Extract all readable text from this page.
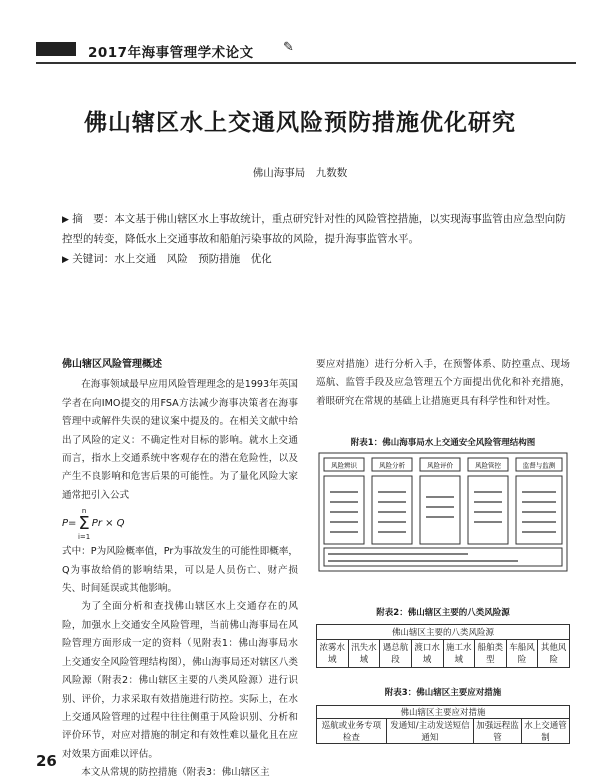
2017年海事管理学术论文 ✎
佛山辖区水上交通风险预防措施优化研究
佛山海事局　九数数
▶ 摘　要：本文基于佛山辖区水上事故统计，重点研究针对性的风险管控措施，以实现海事监管由应急型向防控型的转变，降低水上交通事故和船舶污染事故的风险，提升海事监管水平。
▶ 关键词：水上交通　风险　预防措施　优化
佛山辖区风险管理概述

在海事领域最早应用风险管理理念的是1993年英国学者在向IMO提交的用FSA方法减少海事决策者在海事管理中或解件失误的建议案中提及的。在相关文献中给出了风险的定义：不确定性对目标的影响。就水上交通而言，指水上交通系统中客观存在的潜在危险性，以及产生不良影响和危害后果的可能性。为了量化风险大家通常把引入公式

P=
n
Σ
i=1
Pr × Q

式中：P为风险概率值，Pr为事故发生的可能性即概率，Q为事故给俏的影响结果，可以是人员伤亡、财产损失、时间延误或其他影响。

为了全面分析和查找佛山辖区水上交通存在的风险，加强水上交通安全风险管理，当前佛山海事局在风险管理方面形成一定的资料（见附表1：佛山海事局水上交通安全风险管理结构图），佛山海事局还对辖区八类风险源（附表2：佛山辖区主要的八类风险源）进行识别、评价，力求采取有效措施进行防控。实际上，在水上交通风险管理的过程中往往侧重于风险识别、分析和评价环节，对应对措施的制定和有效性难以量化且在应对效果方面难以评估。

本文从常规的防控措施（附表3：佛山辖区主

要应对措施）进行分析入手，在预警体系、防控重点、现场巡航、监管手段及应急管理五个方面提出优化和补充措施，着眼研究在常规的基础上让措施更具有科学性和针对性。

附表1：佛山海事局水上交通安全风险管理结构图
风险辨识	风险分析	风险评价	风险管控	监督与监测
附表2：佛山辖区主要的八类风险源
佛山辖区主要的八类风险源
浓雾水域	汛失水域	遇总航段	渡口水域	施工水域	船舶类型	车船风险	其他风险
附表3：佛山辖区主要应对措施
佛山辖区主要应对措施
巡航或业务专项检查	发通知/主动发送短信通知	加强远程监管	水上交通管制
26
